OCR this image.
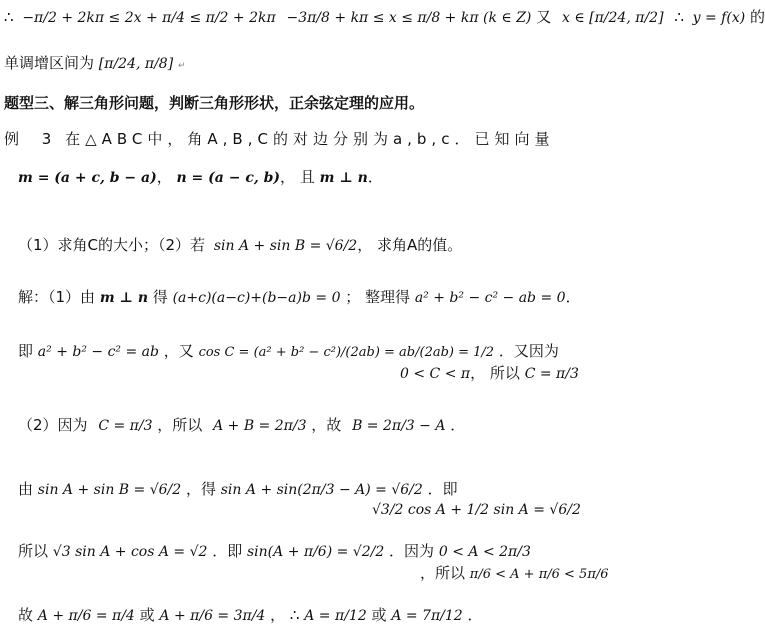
∴ −π/2 + 2kπ ≤ 2x + π/4 ≤ π/2 + 2kπ −3π/8 + kπ ≤ x ≤ π/8 + kπ (k ∈ Z) 又 x ∈ [π/24, π/2] ∴ y = f(x) 的
单调增区间为 [π/24, π/8] ↵
题型三、解三角形问题，判断三角形形状，正余弦定理的应用。
例 3 在△ABC中，角A,B,C的对边分别为a,b,c．已知向量
m = (a + c, b − a)， n = (a − c, b)， 且 m ⊥ n．
（1）求角C的大小；（2）若 sin A + sin B = √6/2， 求角A的值。
解：（1）由 m ⊥ n 得 (a+c)(a−c)+(b−a)b = 0 ； 整理得 a² + b² − c² − ab = 0．
即 a² + b² − c² = ab ，又 cos C = (a² + b² − c²)/(2ab) = ab/(2ab) = 1/2 ．又因为
0 < C < π， 所以 C = π/3
（2）因为 C = π/3 ，所以 A + B = 2π/3 ，故 B = 2π/3 − A ．
由 sin A + sin B = √6/2 ，得 sin A + sin(2π/3 − A) = √6/2 ．即
√3/2 cos A + 1/2 sin A = √6/2
所以 √3 sin A + cos A = √2 ．即 sin(A + π/6) = √2/2 ．因为 0 < A < 2π/3
，所以 π/6 < A + π/6 < 5π/6
故 A + π/6 = π/4 或 A + π/6 = 3π/4 ， ∴ A = π/12 或 A = 7π/12 ．
